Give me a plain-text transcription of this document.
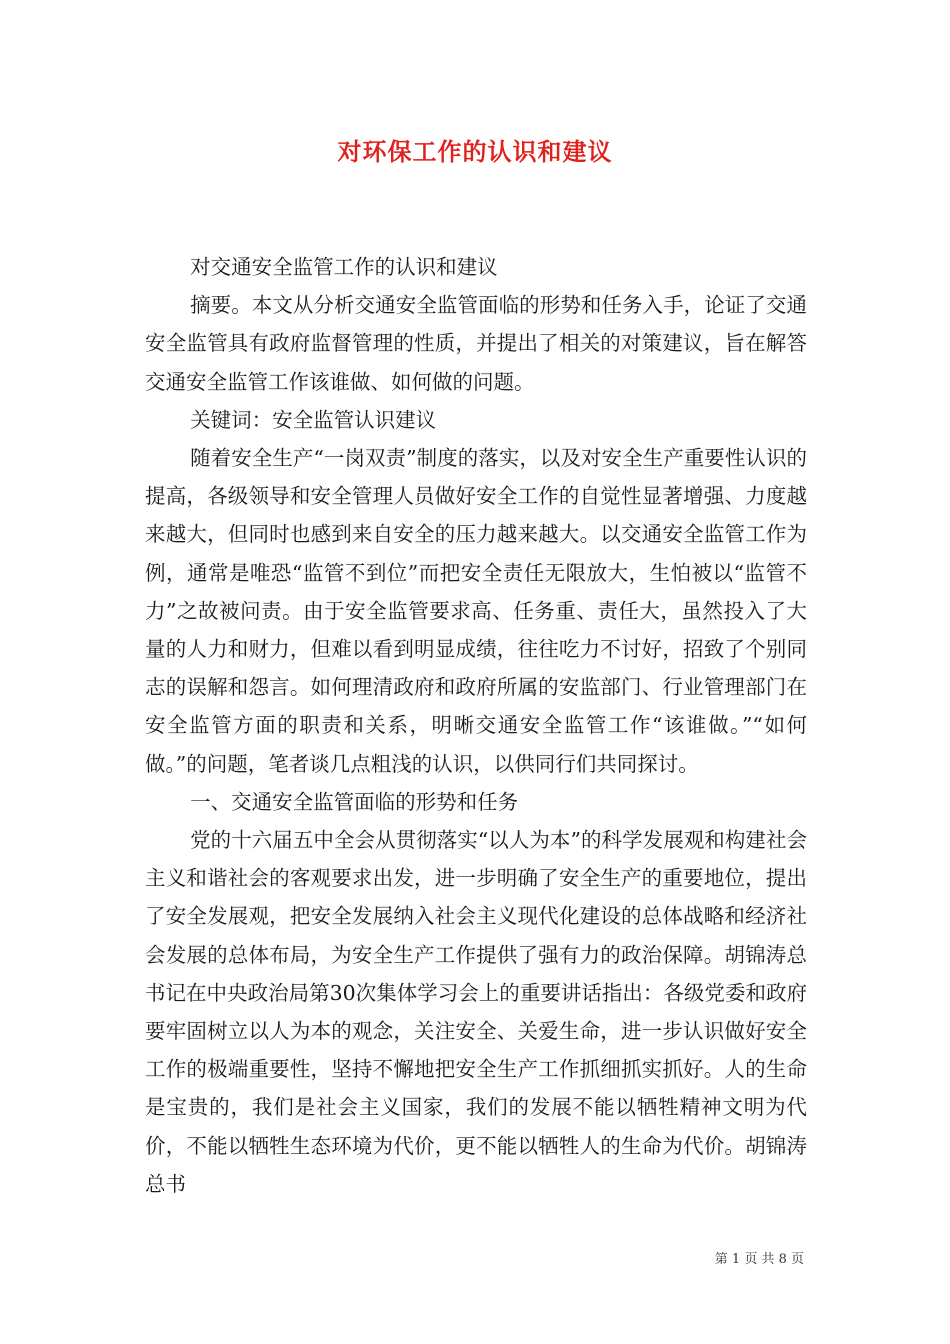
对环保工作的认识和建议

对交通安全监管工作的认识和建议

摘要。本文从分析交通安全监管面临的形势和任务入手，论证了交通安全监管具有政府监督管理的性质，并提出了相关的对策建议，旨在解答交通安全监管工作该谁做、如何做的问题。

关键词：安全监管认识建议

随着安全生产“一岗双责”制度的落实，以及对安全生产重要性认识的提高，各级领导和安全管理人员做好安全工作的自觉性显著增强、力度越来越大，但同时也感到来自安全的压力越来越大。以交通安全监管工作为例，通常是唯恐“监管不到位”而把安全责任无限放大，生怕被以“监管不力”之故被问责。由于安全监管要求高、任务重、责任大，虽然投入了大量的人力和财力，但难以看到明显成绩，往往吃力不讨好，招致了个别同志的误解和怨言。如何理清政府和政府所属的安监部门、行业管理部门在安全监管方面的职责和关系，明晰交通安全监管工作“该谁做。”“如何做。”的问题，笔者谈几点粗浅的认识，以供同行们共同探讨。

一、交通安全监管面临的形势和任务

党的十六届五中全会从贯彻落实“以人为本”的科学发展观和构建社会主义和谐社会的客观要求出发，进一步明确了安全生产的重要地位，提出了安全发展观，把安全发展纳入社会主义现代化建设的总体战略和经济社会发展的总体布局，为安全生产工作提供了强有力的政治保障。胡锦涛总书记在中央政治局第30次集体学习会上的重要讲话指出：各级党委和政府要牢固树立以人为本的观念，关注安全、关爱生命，进一步认识做好安全工作的极端重要性，坚持不懈地把安全生产工作抓细抓实抓好。人的生命是宝贵的，我们是社会主义国家，我们的发展不能以牺牲精神文明为代价，不能以牺牲生态环境为代价，更不能以牺牲人的生命为代价。胡锦涛总书

第 1 页 共 8 页
